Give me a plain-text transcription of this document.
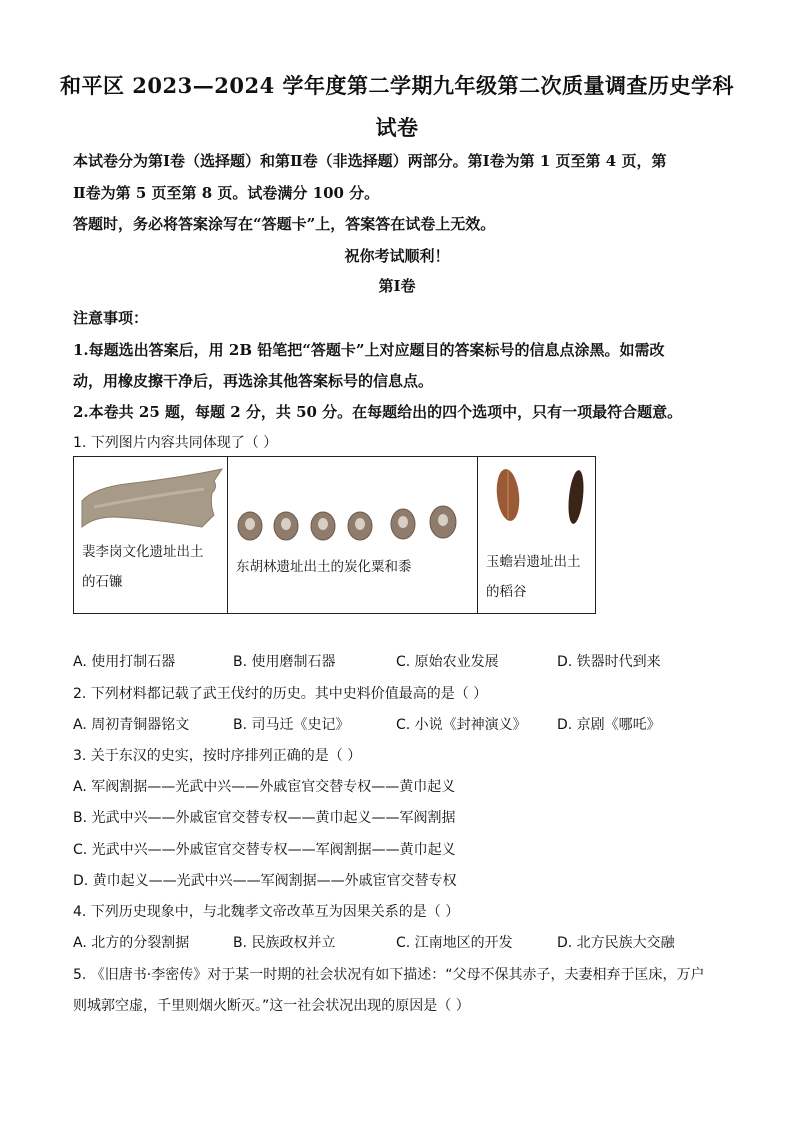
和平区 2023—2024 学年度第二学期九年级第二次质量调查历史学科
试卷
本试卷分为第Ⅰ卷（选择题）和第Ⅱ卷（非选择题）两部分。第Ⅰ卷为第 1 页至第 4 页，第
Ⅱ卷为第 5 页至第 8 页。试卷满分 100 分。
答题时，务必将答案涂写在“答题卡”上，答案答在试卷上无效。
祝你考试顺利！
第Ⅰ卷
注意事项：
1.每题选出答案后，用 2B 铅笔把“答题卡”上对应题目的答案标号的信息点涂黑。如需改
动，用橡皮擦干净后，再选涂其他答案标号的信息点。
2.本卷共 25 题，每题 2 分，共 50 分。在每题给出的四个选项中，只有一项最符合题意。
1. 下列图片内容共同体现了（ ）
裴李岗文化遗址出土
的石镰

东胡林遗址出土的炭化粟和黍	玉蟾岩遗址出土
的稻谷
A. 使用打制石器	B. 使用磨制石器	C. 原始农业发展	D. 铁器时代到来
2. 下列材料都记载了武王伐纣的历史。其中史料价值最高的是（ ）
A. 周初青铜器铭文	B. 司马迁《史记》	C. 小说《封神演义》 D. 京剧《哪吒》
3. 关于东汉的史实，按时序排列正确的是（ ）
A. 军阀割据——光武中兴——外戚宦官交替专权——黄巾起义
B. 光武中兴——外戚宦官交替专权——黄巾起义——军阀割据
C. 光武中兴——外戚宦官交替专权——军阀割据——黄巾起义
D. 黄巾起义——光武中兴——军阀割据——外戚宦官交替专权
4. 下列历史现象中，与北魏孝文帝改革互为因果关系的是（ ）
A. 北方的分裂割据	B. 民族政权并立	C. 江南地区的开发	D. 北方民族大交融
5. 《旧唐书·李密传》对于某一时期的社会状况有如下描述：“父母不保其赤子，夫妻相弃于匡床，万户
则城郭空虚，千里则烟火断灭。”这一社会状况出现的原因是（ ）
